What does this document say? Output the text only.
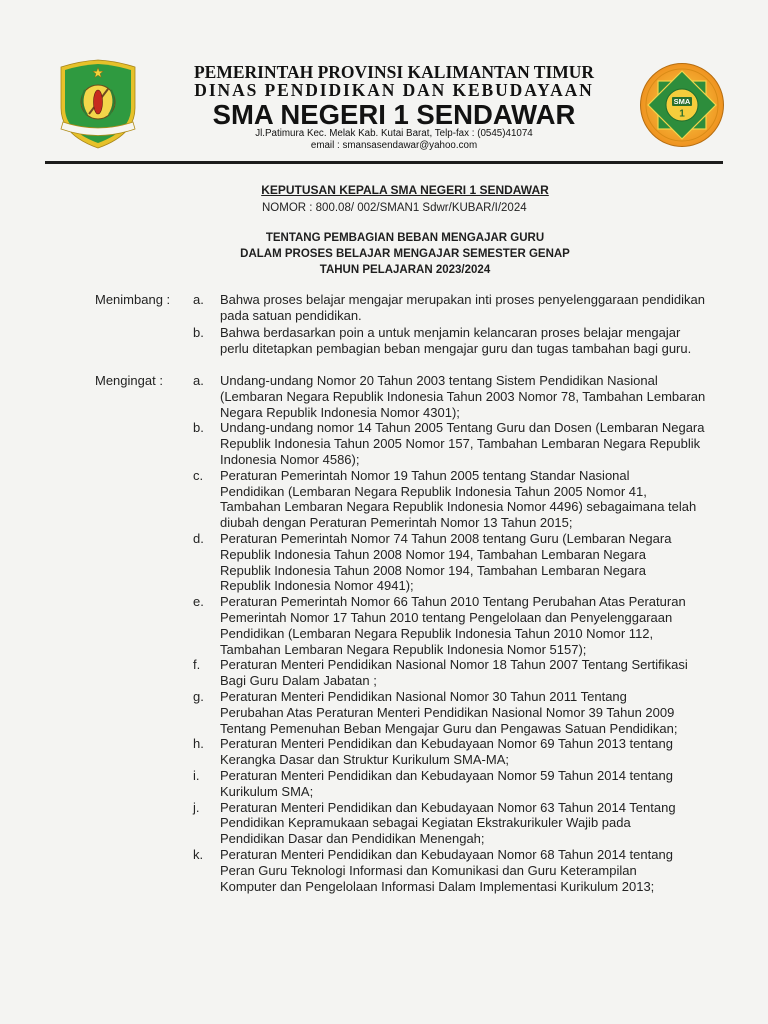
SMA
1
PEMERINTAH PROVINSI KALIMANTAN TIMUR
DINAS PENDIDIKAN DAN KEBUDAYAAN
SMA NEGERI 1 SENDAWAR
Jl.Patimura Kec. Melak Kab. Kutai Barat, Telp-fax : (0545)41074
email : smansasendawar@yahoo.com
KEPUTUSAN KEPALA SMA NEGERI 1 SENDAWAR
NOMOR : 800.08/ 002/SMAN1 Sdwr/KUBAR/I/2024
TENTANG PEMBAGIAN BEBAN MENGAJAR GURU
DALAM PROSES BELAJAR MENGAJAR SEMESTER GENAP
TAHUN PELAJARAN 2023/2024
Menimbang : a. Bahwa proses belajar mengajar merupakan inti proses penyelenggaraan pendidikan
pada satuan pendidikan.
b. Bahwa berdasarkan poin a untuk menjamin kelancaran proses belajar mengajar
perlu ditetapkan pembagian beban mengajar guru dan tugas tambahan bagi guru.
Mengingat : a. Undang-undang Nomor 20 Tahun 2003 tentang Sistem Pendidikan Nasional
(Lembaran Negara Republik Indonesia Tahun 2003 Nomor 78, Tambahan Lembaran
Negara Republik Indonesia Nomor 4301);
b. Undang-undang nomor 14 Tahun 2005 Tentang Guru dan Dosen (Lembaran Negara
Republik Indonesia Tahun 2005 Nomor 157, Tambahan Lembaran Negara Republik
Indonesia Nomor 4586);
c. Peraturan Pemerintah Nomor 19 Tahun 2005 tentang Standar Nasional
Pendidikan (Lembaran Negara Republik Indonesia Tahun 2005 Nomor 41,
Tambahan Lembaran Negara Republik Indonesia Nomor 4496) sebagaimana telah
diubah dengan Peraturan Pemerintah Nomor 13 Tahun 2015;
d. Peraturan Pemerintah Nomor 74 Tahun 2008 tentang Guru (Lembaran Negara
Republik Indonesia Tahun 2008 Nomor 194, Tambahan Lembaran Negara
Republik Indonesia Tahun 2008 Nomor 194, Tambahan Lembaran Negara
Republik Indonesia Nomor 4941);
e. Peraturan Pemerintah Nomor 66 Tahun 2010 Tentang Perubahan Atas Peraturan
Pemerintah Nomor 17 Tahun 2010 tentang Pengelolaan dan Penyelenggaraan
Pendidikan (Lembaran Negara Republik Indonesia Tahun 2010 Nomor 112,
Tambahan Lembaran Negara Republik Indonesia Nomor 5157);
f. Peraturan Menteri Pendidikan Nasional Nomor 18 Tahun 2007 Tentang Sertifikasi
Bagi Guru Dalam Jabatan ;
g. Peraturan Menteri Pendidikan Nasional Nomor 30 Tahun 2011 Tentang
Perubahan Atas Peraturan Menteri Pendidikan Nasional Nomor 39 Tahun 2009
Tentang Pemenuhan Beban Mengajar Guru dan Pengawas Satuan Pendidikan;
h. Peraturan Menteri Pendidikan dan Kebudayaan Nomor 69 Tahun 2013 tentang
Kerangka Dasar dan Struktur Kurikulum SMA-MA;
i. Peraturan Menteri Pendidikan dan Kebudayaan Nomor 59 Tahun 2014 tentang
Kurikulum SMA;
j. Peraturan Menteri Pendidikan dan Kebudayaan Nomor 63 Tahun 2014 Tentang
Pendidikan Kepramukaan sebagai Kegiatan Ekstrakurikuler Wajib pada
Pendidikan Dasar dan Pendidikan Menengah;
k. Peraturan Menteri Pendidikan dan Kebudayaan Nomor 68 Tahun 2014 tentang
Peran Guru Teknologi Informasi dan Komunikasi dan Guru Keterampilan
Komputer dan Pengelolaan Informasi Dalam Implementasi Kurikulum 2013;
